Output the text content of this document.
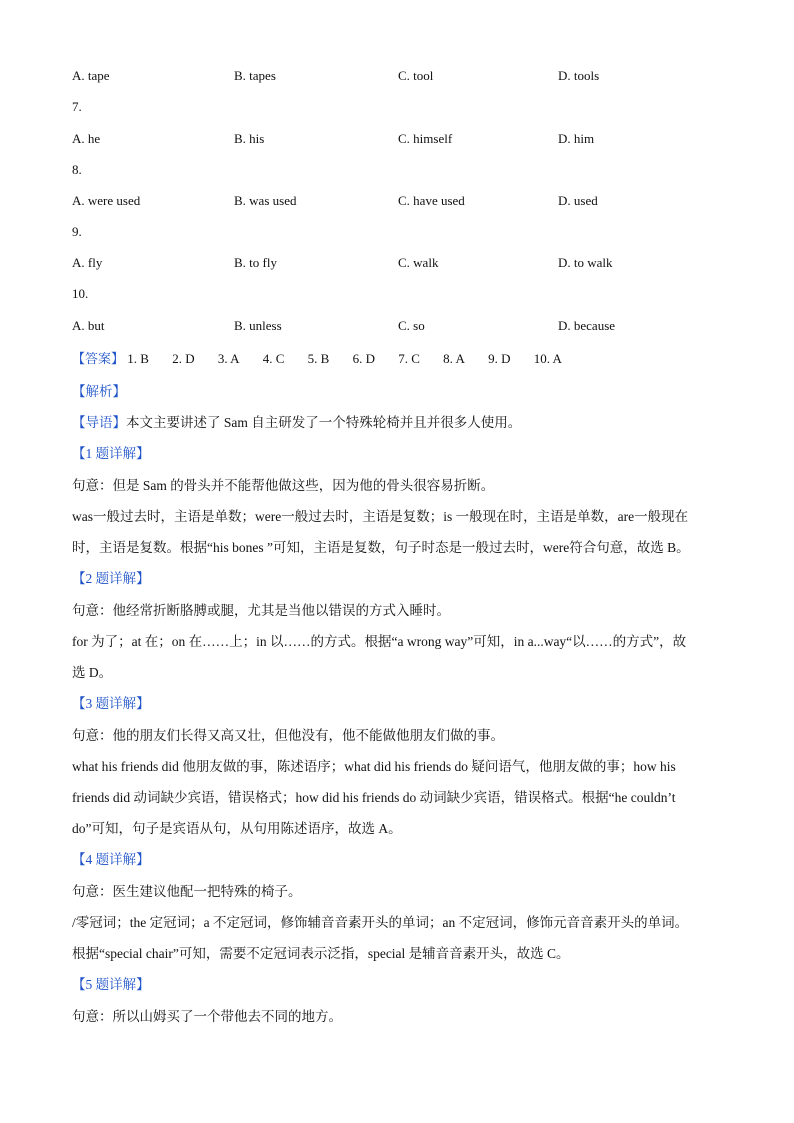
A. tape	B. tapes	C. tool	D. tools
7.
A. he	B. his	C. himself	D. him
8.
A. were used	B. was used	C. have used	D. used
9.
A. fly	B. to fly	C. walk	D. to walk
10.
A. but	B. unless	C. so	D. because
【答案】 1. B 2. D 3. A 4. C 5. B 6. D 7. C 8. A 9. D 10. A
【解析】
【导语】本文主要讲述了 Sam 自主研发了一个特殊轮椅并且并很多人使用。
【1 题详解】
句意：但是 Sam 的骨头并不能帮他做这些，因为他的骨头很容易折断。
was一般过去时，主语是单数；were一般过去时，主语是复数；is 一般现在时，主语是单数，are一般现在
时，主语是复数。根据“his bones ”可知，主语是复数，句子时态是一般过去时，were符合句意，故选 B。
【2 题详解】
句意：他经常折断胳膊或腿，尤其是当他以错误的方式入睡时。
for 为了；at 在；on 在……上；in 以……的方式。根据“a wrong way”可知，in a...way“以……的方式”，故
选 D。
【3 题详解】
句意：他的朋友们长得又高又壮，但他没有，他不能做他朋友们做的事。
what his friends did 他朋友做的事，陈述语序；what did his friends do 疑问语气，他朋友做的事；how his
friends did 动词缺少宾语，错误格式；how did his friends do 动词缺少宾语，错误格式。根据“he couldn’t
do”可知，句子是宾语从句，从句用陈述语序，故选 A。
【4 题详解】
句意：医生建议他配一把特殊的椅子。
/零冠词；the 定冠词；a 不定冠词，修饰辅音音素开头的单词；an 不定冠词，修饰元音音素开头的单词。
根据“special chair”可知，需要不定冠词表示泛指，special 是辅音音素开头，故选 C。
【5 题详解】
句意：所以山姆买了一个带他去不同的地方。
